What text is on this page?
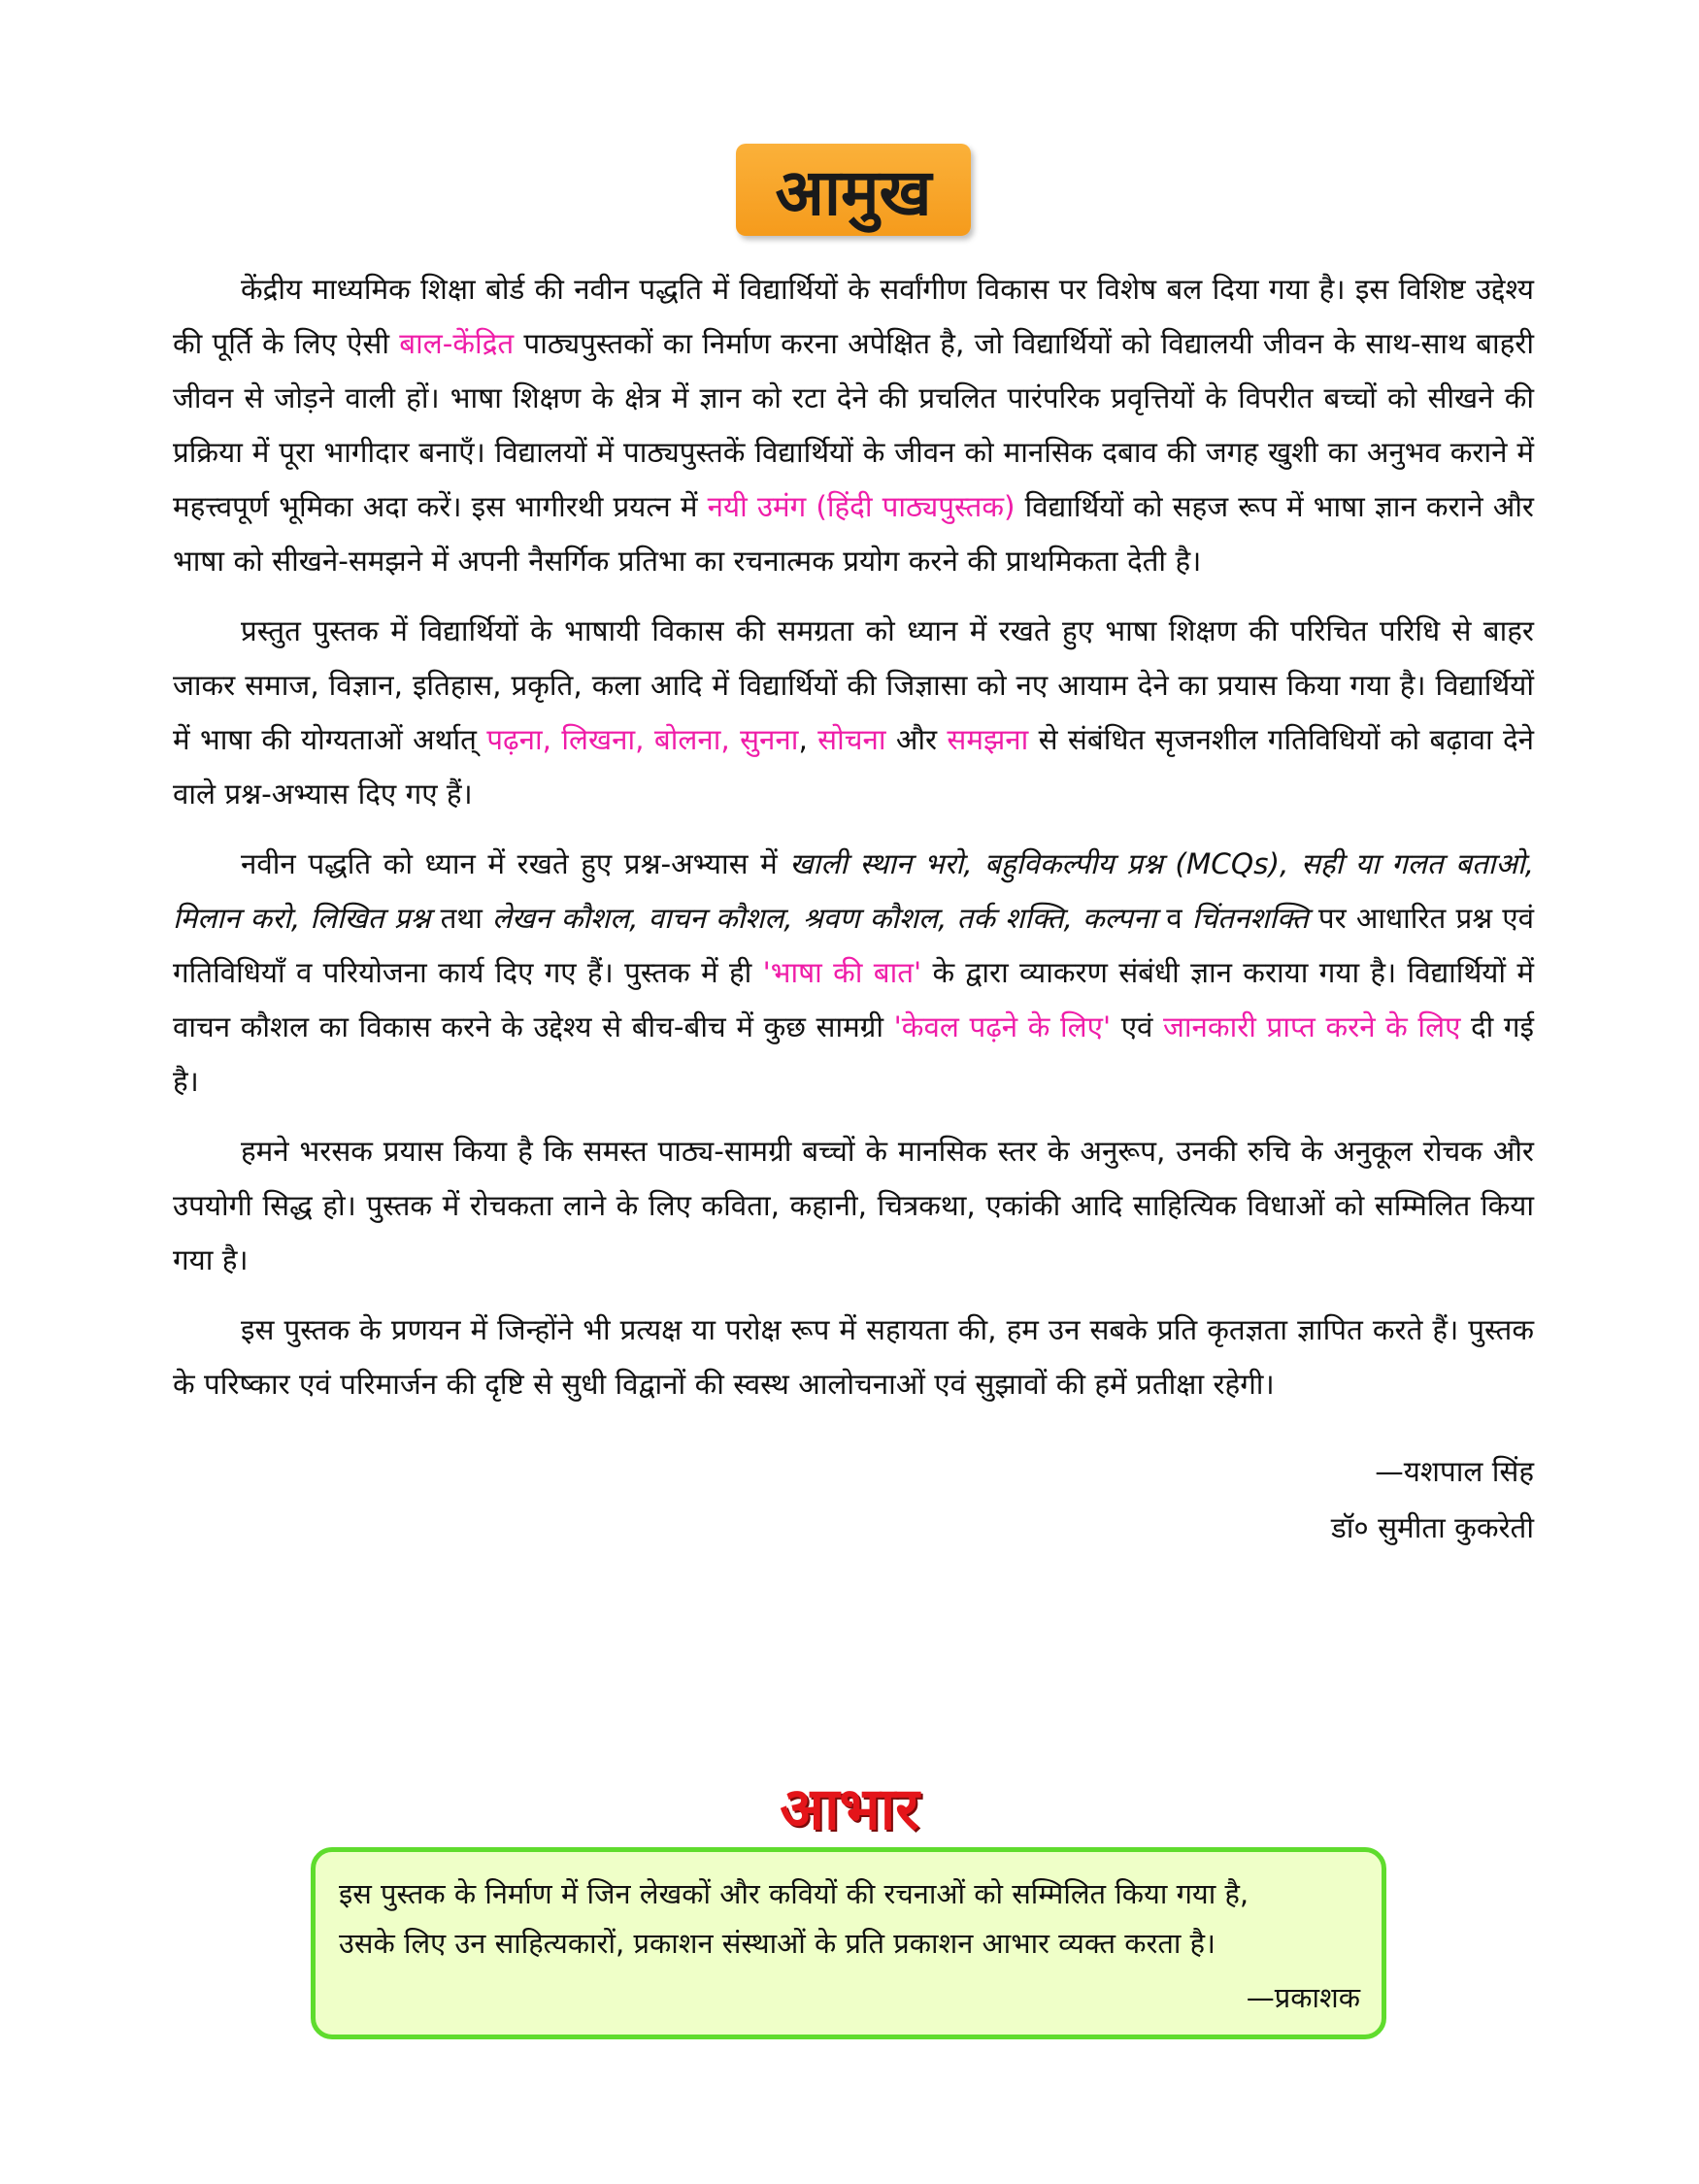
आमुख

केंद्रीय माध्यमिक शिक्षा बोर्ड की नवीन पद्धति में विद्यार्थियों के सर्वांगीण विकास पर विशेष बल दिया गया है। इस विशिष्ट उद्देश्य की पूर्ति के लिए ऐसी बाल-केंद्रित पाठ्यपुस्तकों का निर्माण करना अपेक्षित है, जो विद्यार्थियों को विद्यालयी जीवन के साथ-साथ बाहरी जीवन से जोड़ने वाली हों। भाषा शिक्षण के क्षेत्र में ज्ञान को रटा देने की प्रचलित पारंपरिक प्रवृत्तियों के विपरीत बच्चों को सीखने की प्रक्रिया में पूरा भागीदार बनाएँ। विद्यालयों में पाठ्यपुस्तकें विद्यार्थियों के जीवन को मानसिक दबाव की जगह खुशी का अनुभव कराने में महत्त्वपूर्ण भूमिका अदा करें। इस भागीरथी प्रयत्न में नयी उमंग (हिंदी पाठ्यपुस्तक) विद्यार्थियों को सहज रूप में भाषा ज्ञान कराने और भाषा को सीखने-समझने में अपनी नैसर्गिक प्रतिभा का रचनात्मक प्रयोग करने की प्राथमिकता देती है।

प्रस्तुत पुस्तक में विद्यार्थियों के भाषायी विकास की समग्रता को ध्यान में रखते हुए भाषा शिक्षण की परिचित परिधि से बाहर जाकर समाज, विज्ञान, इतिहास, प्रकृति, कला आदि में विद्यार्थियों की जिज्ञासा को नए आयाम देने का प्रयास किया गया है। विद्यार्थियों में भाषा की योग्यताओं अर्थात् पढ़ना, लिखना, बोलना, सुनना, सोचना और समझना से संबंधित सृजनशील गतिविधियों को बढ़ावा देने वाले प्रश्न-अभ्यास दिए गए हैं।

नवीन पद्धति को ध्यान में रखते हुए प्रश्न-अभ्यास में खाली स्थान भरो, बहुविकल्पीय प्रश्न (MCQs), सही या गलत बताओ, मिलान करो, लिखित प्रश्न तथा लेखन कौशल, वाचन कौशल, श्रवण कौशल, तर्क शक्ति, कल्पना व चिंतनशक्ति पर आधारित प्रश्न एवं गतिविधियाँ व परियोजना कार्य दिए गए हैं। पुस्तक में ही 'भाषा की बात' के द्वारा व्याकरण संबंधी ज्ञान कराया गया है। विद्यार्थियों में वाचन कौशल का विकास करने के उद्देश्य से बीच-बीच में कुछ सामग्री 'केवल पढ़ने के लिए' एवं जानकारी प्राप्त करने के लिए दी गई है।

हमने भरसक प्रयास किया है कि समस्त पाठ्य-सामग्री बच्चों के मानसिक स्तर के अनुरूप, उनकी रुचि के अनुकूल रोचक और उपयोगी सिद्ध हो। पुस्तक में रोचकता लाने के लिए कविता, कहानी, चित्रकथा, एकांकी आदि साहित्यिक विधाओं को सम्मिलित किया गया है।

इस पुस्तक के प्रणयन में जिन्होंने भी प्रत्यक्ष या परोक्ष रूप में सहायता की, हम उन सबके प्रति कृतज्ञता ज्ञापित करते हैं। पुस्तक के परिष्कार एवं परिमार्जन की दृष्टि से सुधी विद्वानों की स्वस्थ आलोचनाओं एवं सुझावों की हमें प्रतीक्षा रहेगी।

—यशपाल सिंह
डॉ० सुमीता कुकरेती
आभार
इस पुस्तक के निर्माण में जिन लेखकों और कवियों की रचनाओं को सम्मिलित किया गया है,
उसके लिए उन साहित्यकारों, प्रकाशन संस्थाओं के प्रति प्रकाशन आभार व्यक्त करता है।
—प्रकाशक
